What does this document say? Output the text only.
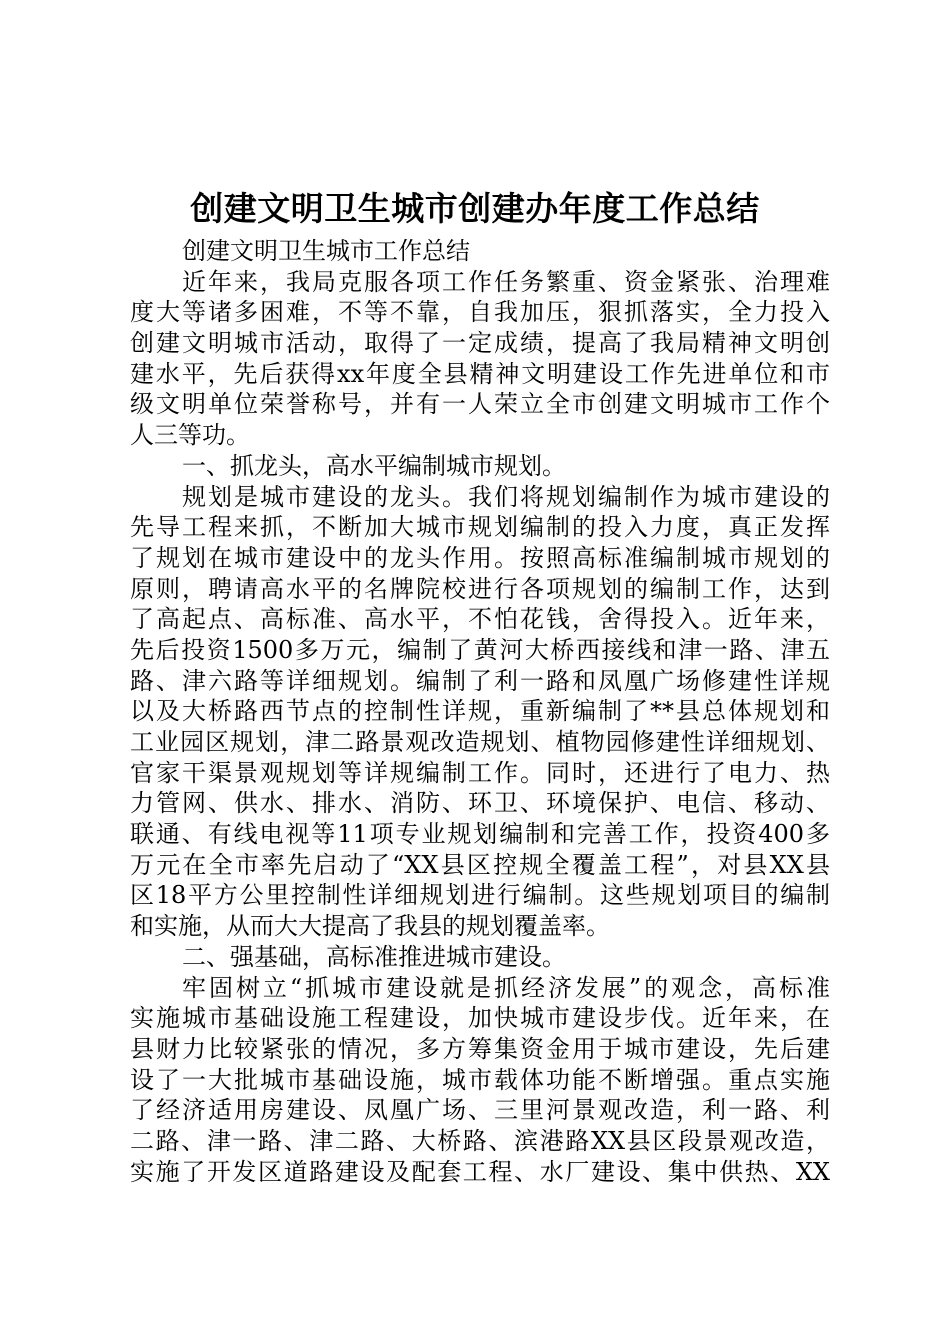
创建文明卫生城市创建办年度工作总结
创建文明卫生城市工作总结
近年来，我局克服各项工作任务繁重、资金紧张、治理难
度大等诸多困难，不等不靠，自我加压，狠抓落实，全力投入
创建文明城市活动，取得了一定成绩，提高了我局精神文明创
建水平，先后获得xx年度全县精神文明建设工作先进单位和市
级文明单位荣誉称号，并有一人荣立全市创建文明城市工作个
人三等功。
一、抓龙头，高水平编制城市规划。
规划是城市建设的龙头。我们将规划编制作为城市建设的
先导工程来抓，不断加大城市规划编制的投入力度，真正发挥
了规划在城市建设中的龙头作用。按照高标准编制城市规划的
原则，聘请高水平的名牌院校进行各项规划的编制工作，达到
了高起点、高标准、高水平，不怕花钱，舍得投入。近年来，
先后投资1500多万元，编制了黄河大桥西接线和津一路、津五
路、津六路等详细规划。编制了利一路和凤凰广场修建性详规
以及大桥路西节点的控制性详规，重新编制了**县总体规划和
工业园区规划，津二路景观改造规划、植物园修建性详细规划、
官家干渠景观规划等详规编制工作。同时，还进行了电力、热
力管网、供水、排水、消防、环卫、环境保护、电信、移动、
联通、有线电视等11项专业规划编制和完善工作，投资400多
万元在全市率先启动了“XX县区控规全覆盖工程”，对县XX县
区18平方公里控制性详细规划进行编制。这些规划项目的编制
和实施，从而大大提高了我县的规划覆盖率。
二、强基础，高标准推进城市建设。
牢固树立“抓城市建设就是抓经济发展”的观念，高标准
实施城市基础设施工程建设，加快城市建设步伐。近年来，在
县财力比较紧张的情况，多方筹集资金用于城市建设，先后建
设了一大批城市基础设施，城市载体功能不断增强。重点实施
了经济适用房建设、凤凰广场、三里河景观改造，利一路、利
二路、津一路、津二路、大桥路、滨港路XX县区段景观改造，
实施了开发区道路建设及配套工程、水厂建设、集中供热、XX
